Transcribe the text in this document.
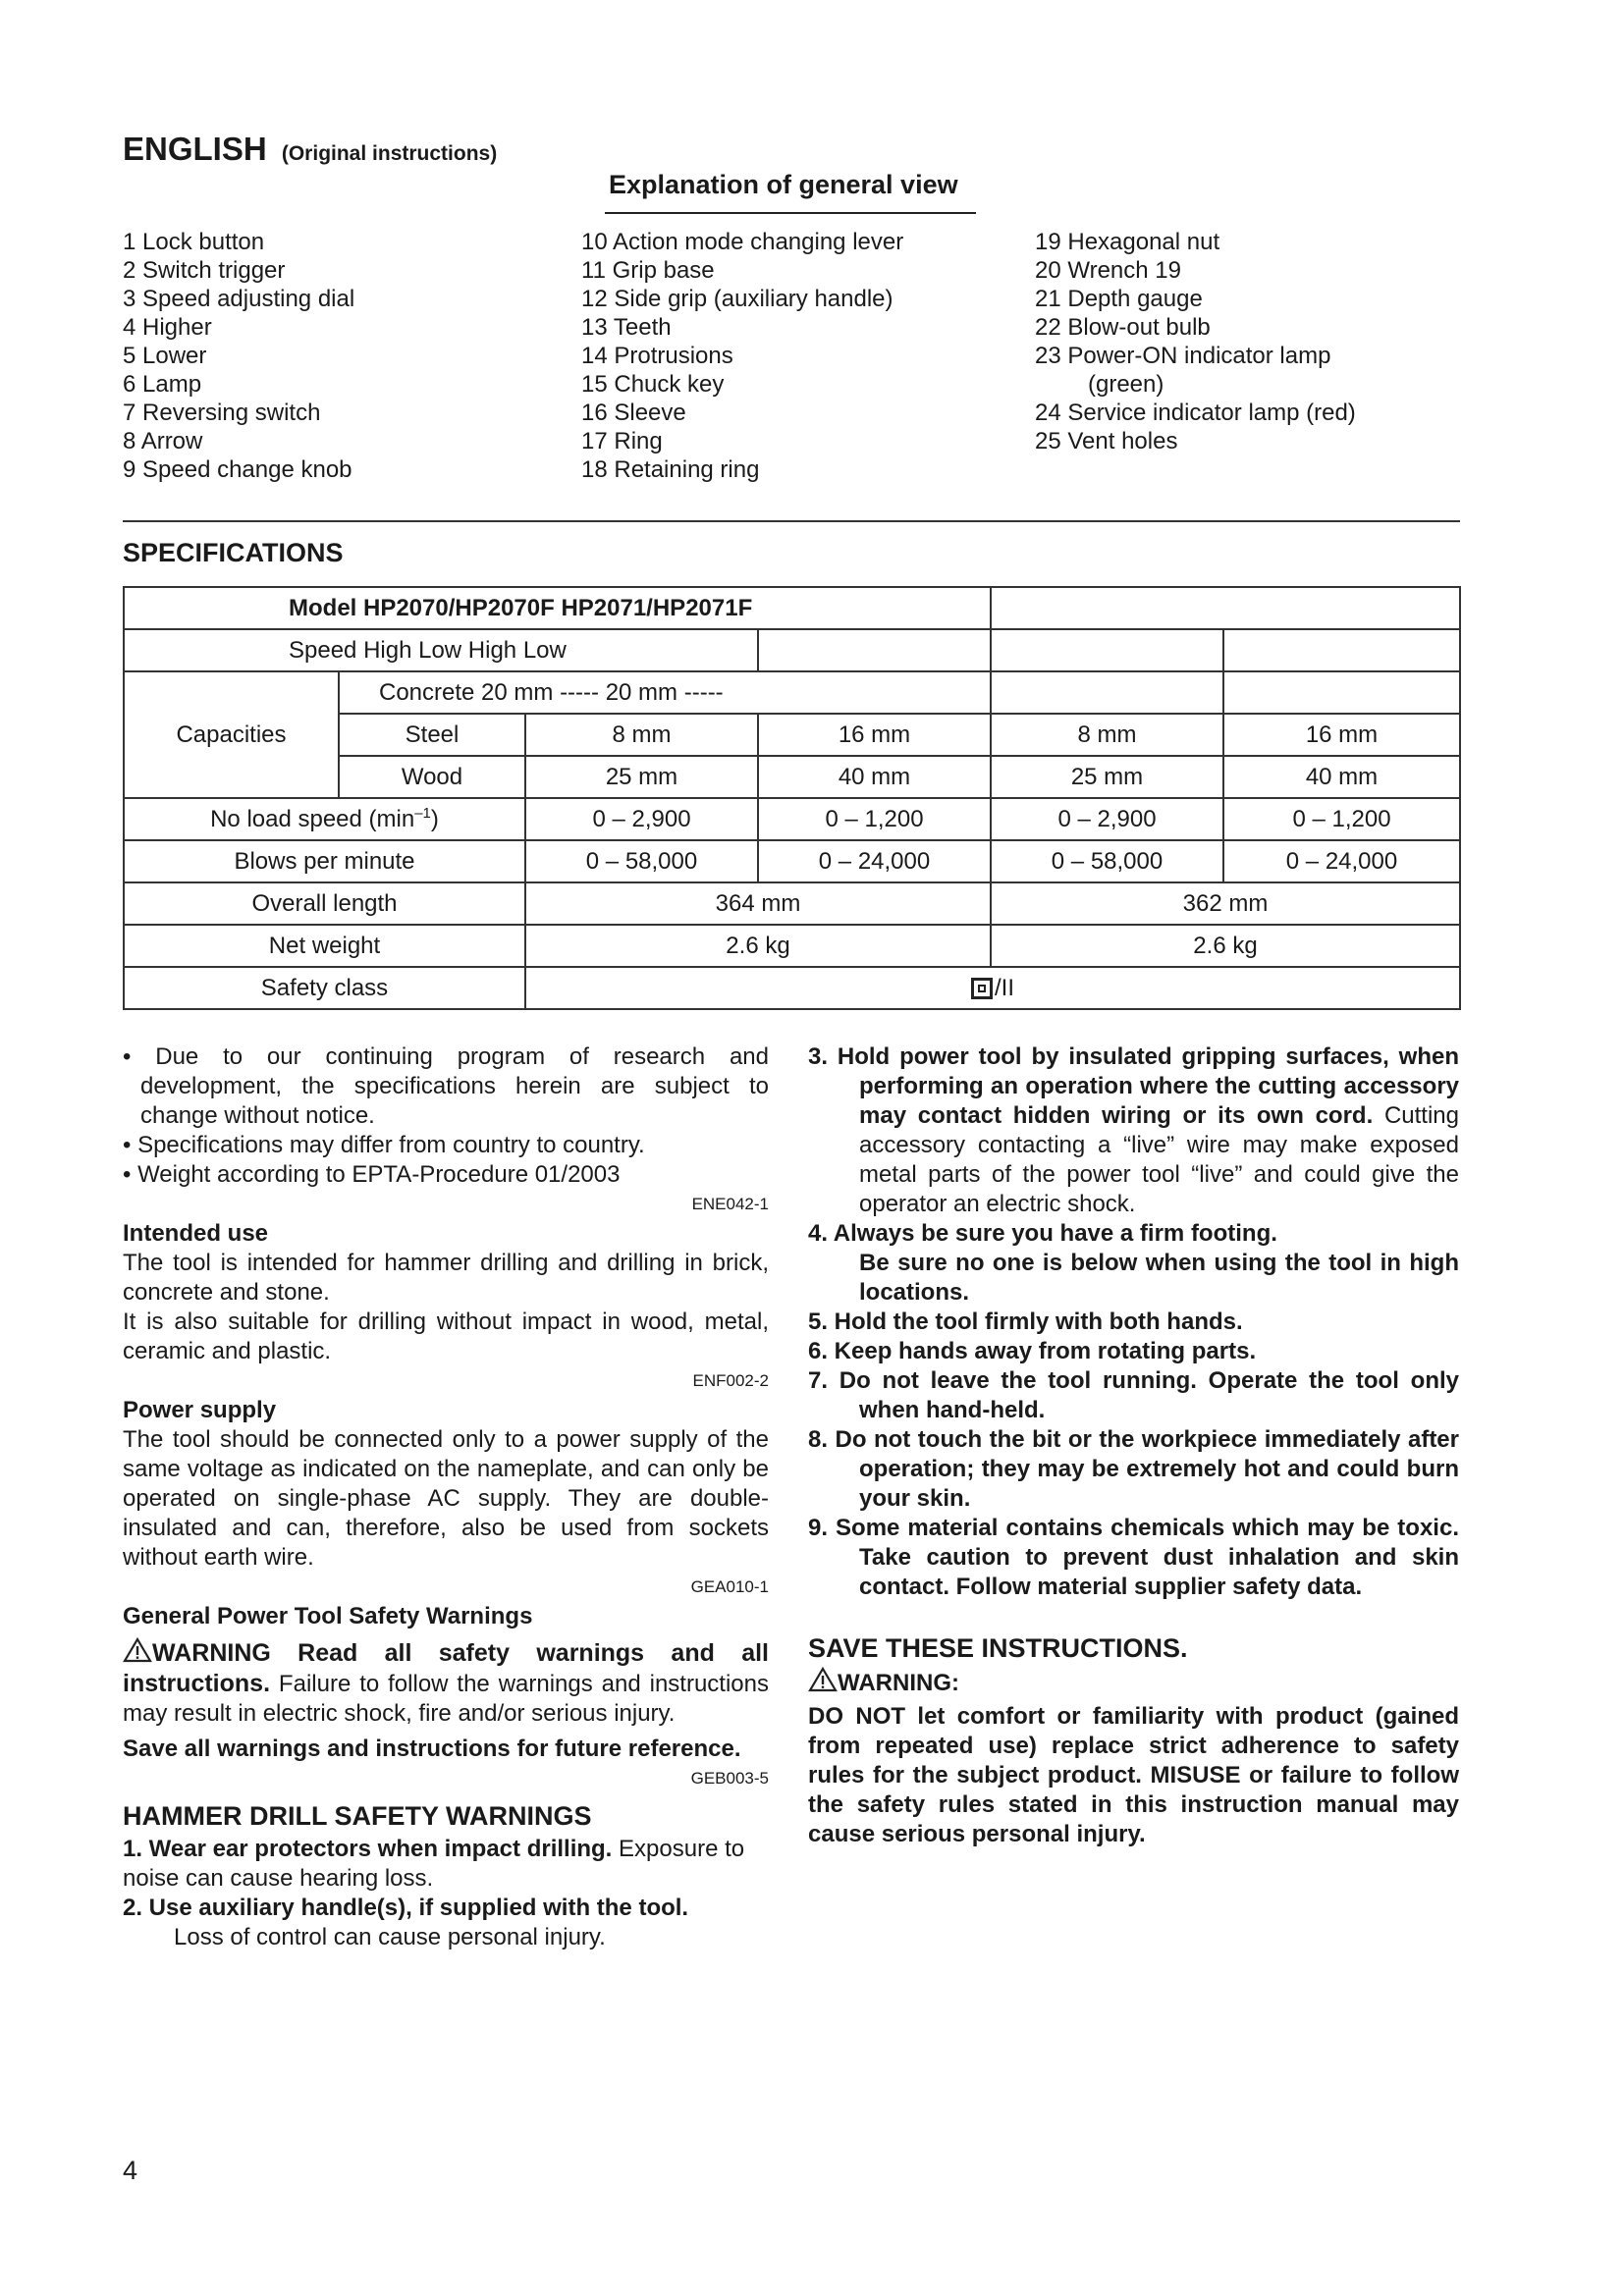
ENGLISH (Original instructions)
Explanation of general view
1 Lock button
2 Switch trigger
3 Speed adjusting dial
4 Higher
5 Lower
6 Lamp
7 Reversing switch
8 Arrow
9 Speed change knob
10 Action mode changing lever
11 Grip base
12 Side grip (auxiliary handle)
13 Teeth
14 Protrusions
15 Chuck key
16 Sleeve
17 Ring
18 Retaining ring
19 Hexagonal nut
20 Wrench 19
21 Depth gauge
22 Blow-out bulb
23 Power-ON indicator lamp
(green)
24 Service indicator lamp (red)
25 Vent holes
SPECIFICATIONS
Model HP2070/HP2070F HP2071/HP2071F					
Speed High Low High Low					
Capacities	Concrete 20 mm ----- 20 mm -----				
	Steel	8 mm	16 mm	8 mm	16 mm
	Wood	25 mm	40 mm	25 mm	40 mm
No load speed $(\min^{-1})$		0 – 2,900	0 – 1,200	0 – 2,900	0 – 1,200
Blows per minute		0 – 58,000	0 – 24,000	0 – 58,000	0 – 24,000
Overall length		364 mm		362 mm	
Net weight		2.6 kg		2.6 kg	
Safety class		/II			

• Due to our continuing program of research and development, the specifications herein are subject to change without notice.

• Specifications may differ from country to country.

• Weight according to EPTA-Procedure 01/2003

ENE042-1

Intended use

The tool is intended for hammer drilling and drilling in brick, concrete and stone.

It is also suitable for drilling without impact in wood, metal, ceramic and plastic.

ENF002-2

Power supply

The tool should be connected only to a power supply of the same voltage as indicated on the nameplate, and can only be operated on single-phase AC supply. They are double-insulated and can, therefore, also be used from sockets without earth wire.

GEA010-1

General Power Tool Safety Warnings

WARNING Read all safety warnings and all instructions. Failure to follow the warnings and instructions may result in electric shock, fire and/or serious injury.

Save all warnings and instructions for future reference.

GEB003-5

HAMMER DRILL SAFETY WARNINGS

1. Wear ear protectors when impact drilling. Exposure to noise can cause hearing loss.

2. Use auxiliary handle(s), if supplied with the tool.

Loss of control can cause personal injury.

3. Hold power tool by insulated gripping surfaces, when performing an operation where the cutting accessory may contact hidden wiring or its own cord. Cutting accessory contacting a “live” wire may make exposed metal parts of the power tool “live” and could give the operator an electric shock.

4. Always be sure you have a firm footing.

Be sure no one is below when using the tool in high locations.

5. Hold the tool firmly with both hands.

6. Keep hands away from rotating parts.

7. Do not leave the tool running. Operate the tool only when hand-held.

8. Do not touch the bit or the workpiece immediately after operation; they may be extremely hot and could burn your skin.

9. Some material contains chemicals which may be toxic. Take caution to prevent dust inhalation and skin contact. Follow material supplier safety data.

SAVE THESE INSTRUCTIONS.

WARNING:

DO NOT let comfort or familiarity with product (gained from repeated use) replace strict adherence to safety rules for the subject product. MISUSE or failure to follow the safety rules stated in this instruction manual may cause serious personal injury.

4
